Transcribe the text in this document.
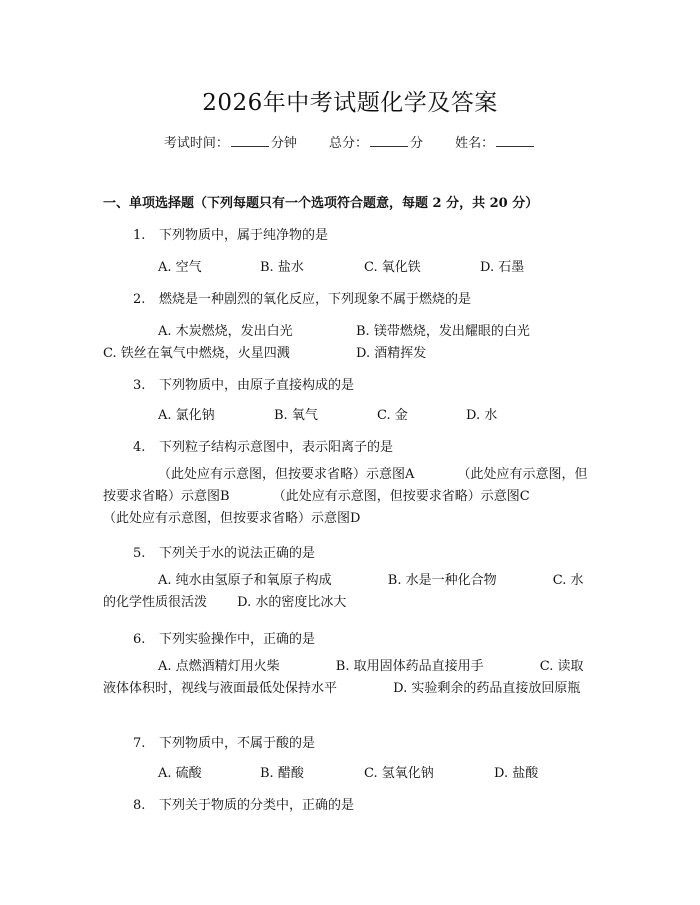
2026年中考试题化学及答案
考试时间：	分钟 总分：	分 姓名：
一、单项选择题（下列每题只有一个选项符合题意，每题 2 分，共 20 分）
1. 下列物质中，属于纯净物的是
A. 空气	B. 盐水	C. 氧化铁	D. 石墨
2. 燃烧是一种剧烈的氧化反应，下列现象不属于燃烧的是
A. 木炭燃烧，发出白光	B. 镁带燃烧，发出耀眼的白光
C. 铁丝在氧气中燃烧，火星四溅	D. 酒精挥发
3. 下列物质中，由原子直接构成的是
A. 氯化钠	B. 氧气	C. 金	D. 水
4. 下列粒子结构示意图中，表示阳离子的是
（此处应有示意图，但按要求省略）示意图A　　　	（此处应有示意图，但按要求省略）示意图B　　　	（此处应有示意图，但按要求省略）示意图C　　　 （此处应有示意图，但按要求省略）示意图D
5. 下列关于水的说法正确的是
A. 纯水由氢原子和氧原子构成　　　　	B. 水是一种化合物　　　　	C. 水的化学性质很活泼　　 D. 水的密度比冰大
6. 下列实验操作中，正确的是
A. 点燃酒精灯用火柴　　　　	B. 取用固体药品直接用手　　　　	C. 读取液体体积时，视线与液面最低处保持水平　　　　	D. 实验剩余的药品直接放回原瓶
7. 下列物质中，不属于酸的是
A. 硫酸	B. 醋酸	C. 氢氧化钠	D. 盐酸
8. 下列关于物质的分类中，正确的是
